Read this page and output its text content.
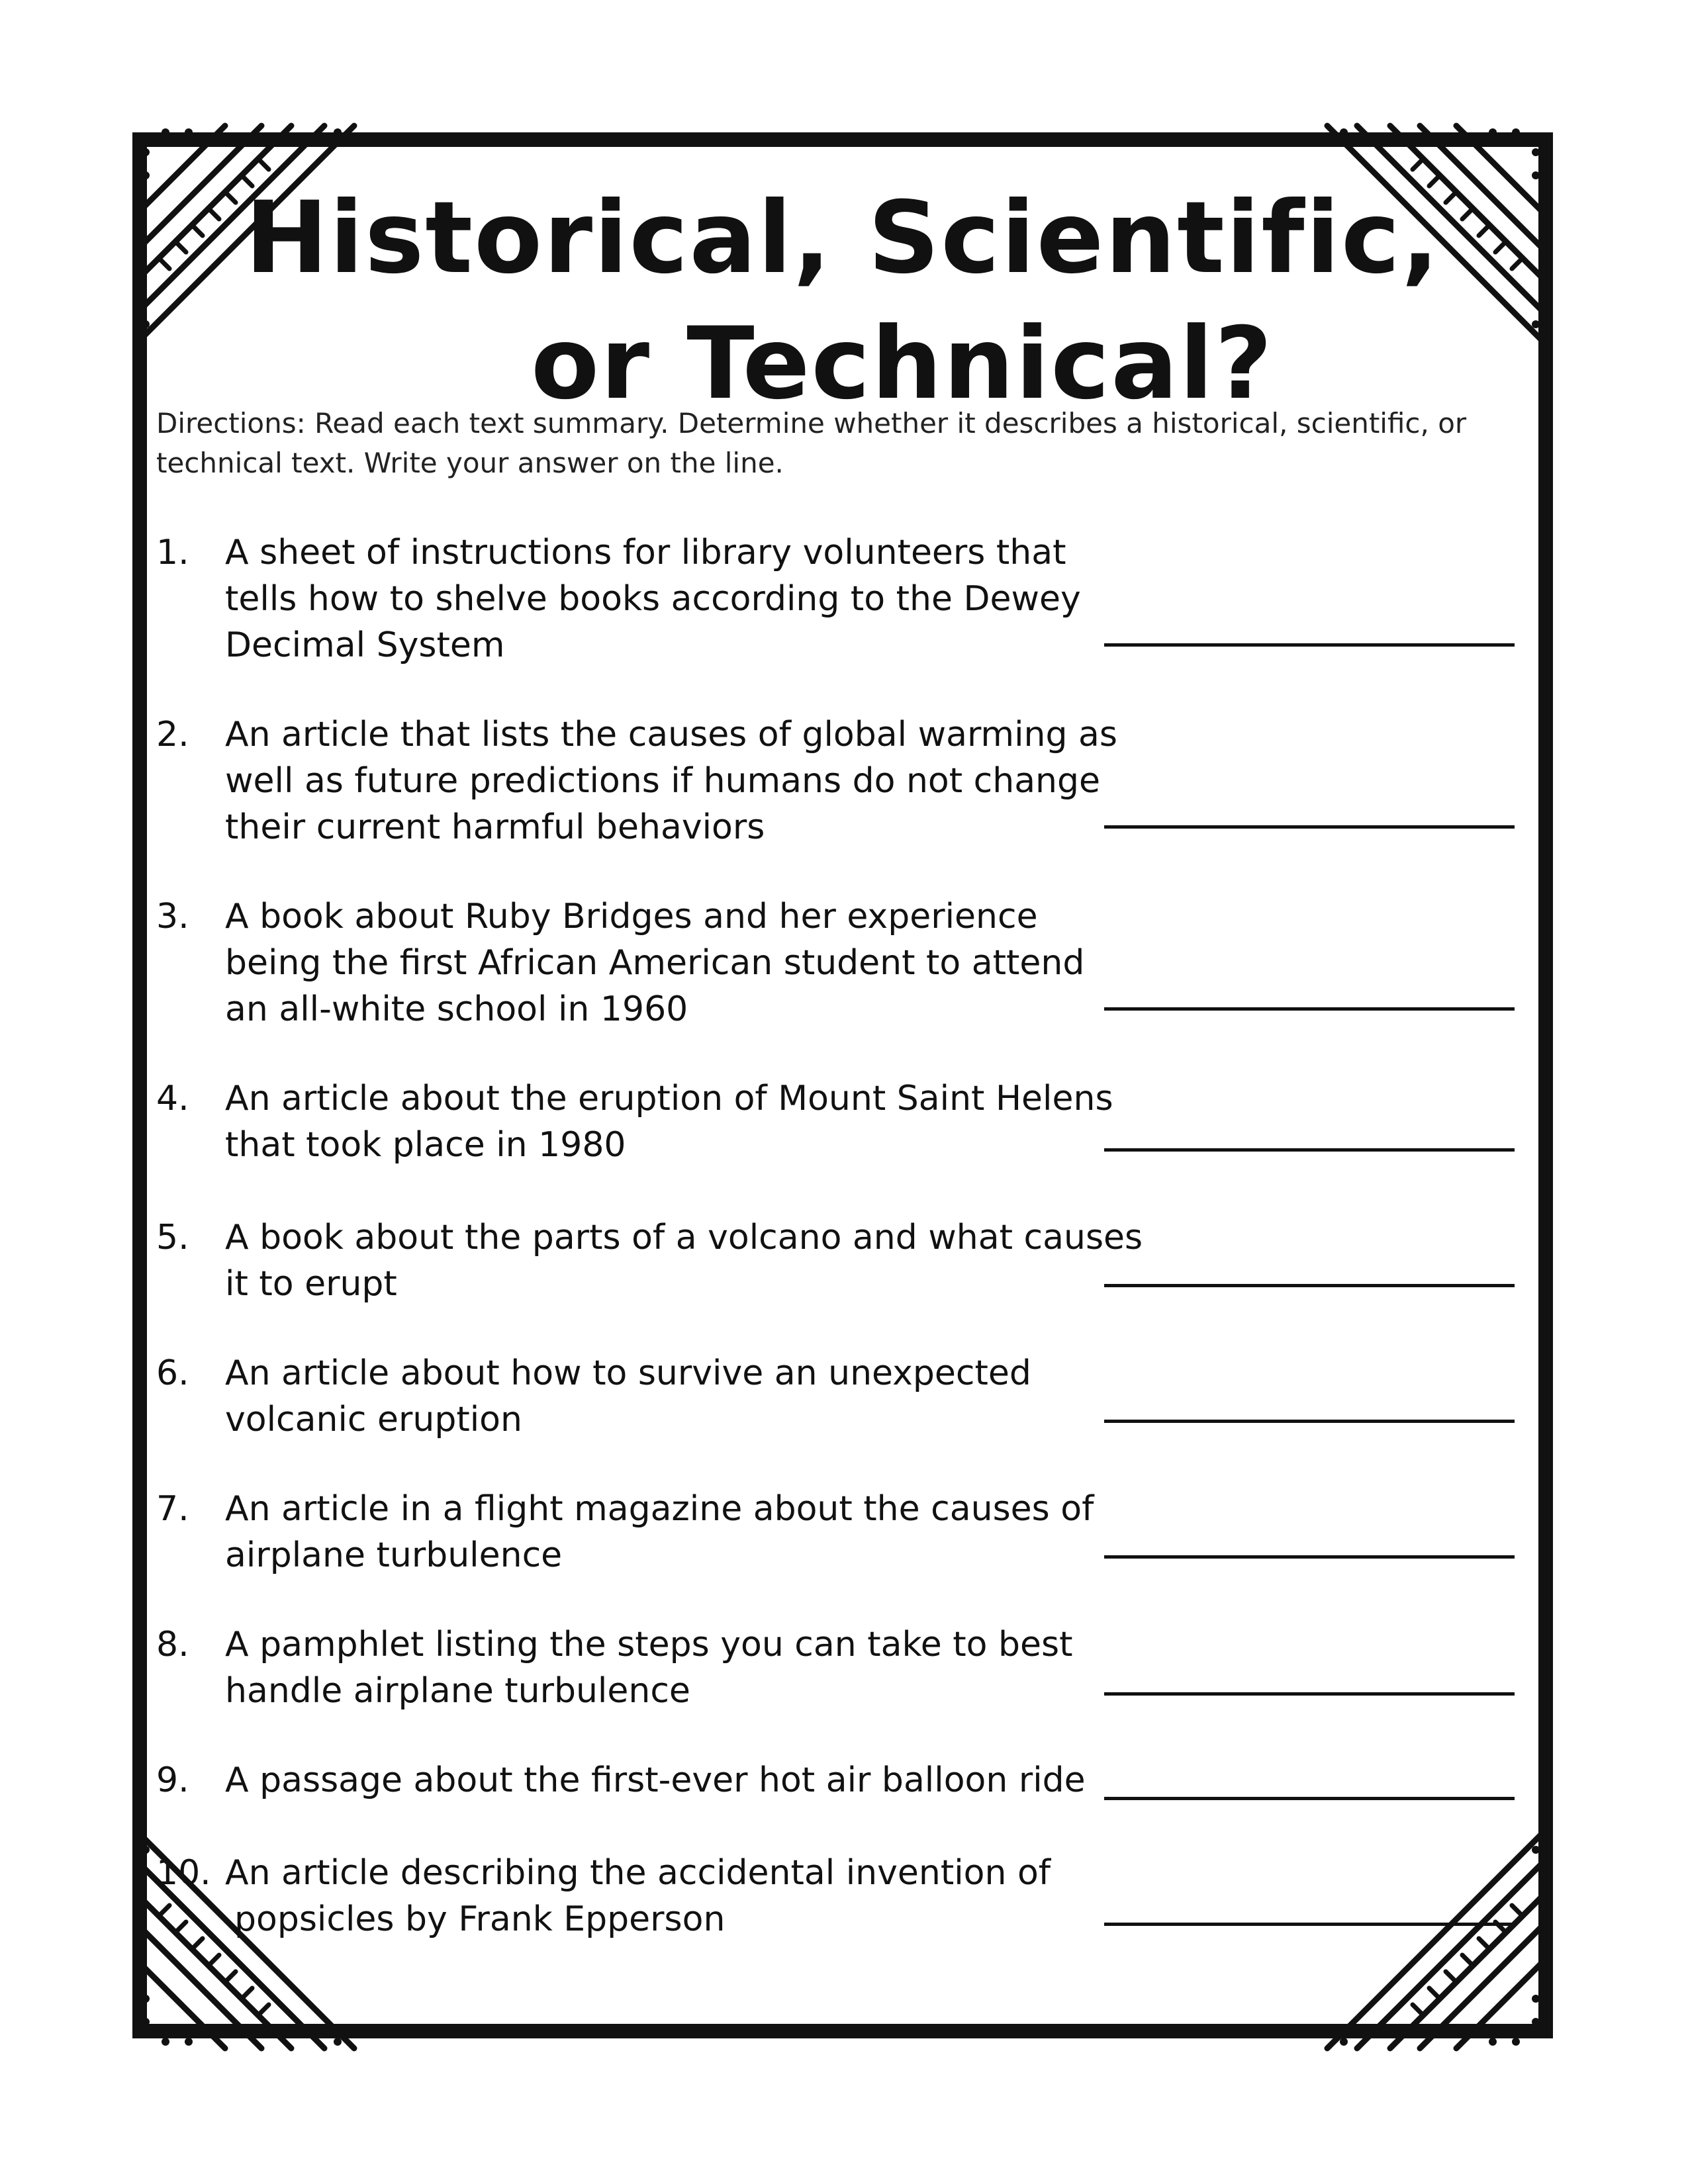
Historical, Scientific,
or Technical?

Directions: Read each text summary. Determine whether it describes a historical, scientific, or technical text. Write your answer on the line.

1. A sheet of instructions for library volunteers that
tells how to shelve books according to the Dewey
Decimal System
2. An article that lists the causes of global warming as
well as future predictions if humans do not change
their current harmful behaviors
3. A book about Ruby Bridges and her experience
being the first African American student to attend
an all-white school in 1960
4. An article about the eruption of Mount Saint Helens
that took place in 1980
5. A book about the parts of a volcano and what causes
it to erupt
6. An article about how to survive an unexpected
volcanic eruption
7. An article in a flight magazine about the causes of
airplane turbulence
8. A pamphlet listing the steps you can take to best
handle airplane turbulence
9. A passage about the first-ever hot air balloon ride
10. An article describing the accidental invention of
popsicles by Frank Epperson
